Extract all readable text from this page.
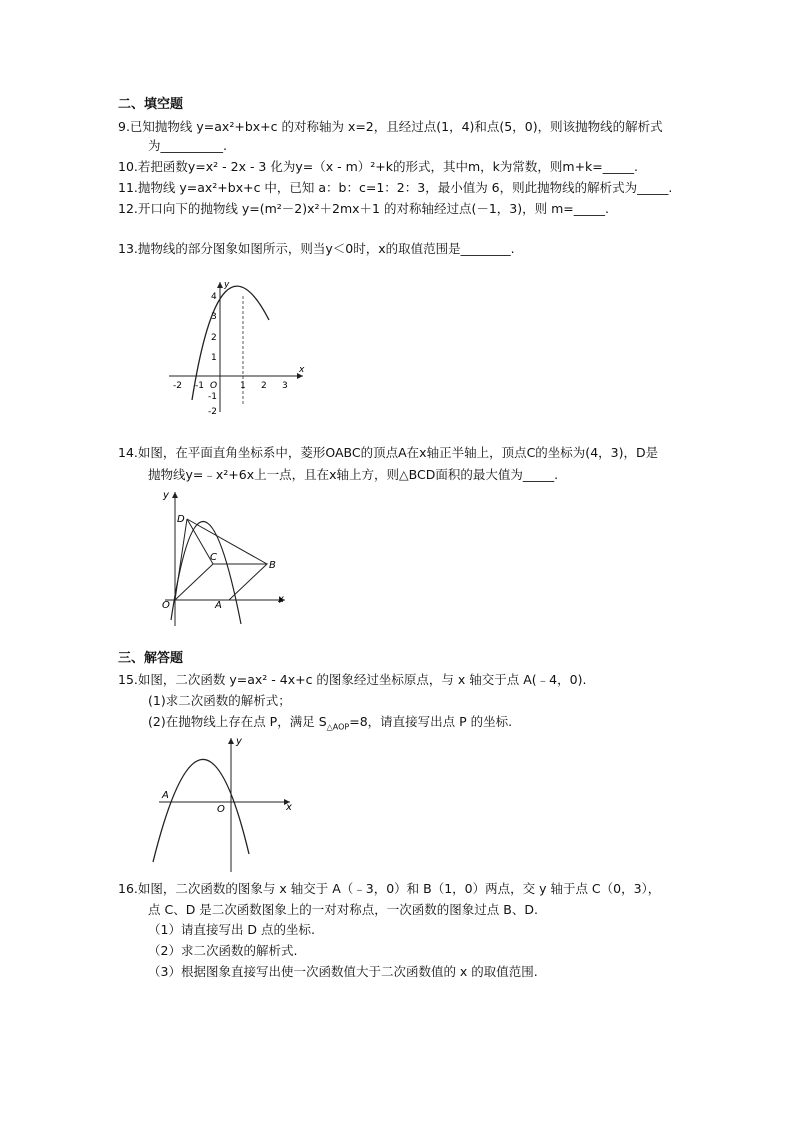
二、填空题
9.已知抛物线 y=ax²+bx+c 的对称轴为 x=2，且经过点(1，4)和点(5，0)，则该抛物线的解析式
为__________.
10.若把函数y=x² - 2x - 3 化为y=（x - m）²+k的形式，其中m，k为常数，则m+k=_____.
11.抛物线 y=ax²+bx+c 中，已知 a：b：c=1：2：3，最小值为 6，则此抛物线的解析式为_____.
12.开口向下的抛物线 y=(m²－2)x²＋2mx＋1 的对称轴经过点(－1，3)，则 m=_____.
13.抛物线的部分图象如图所示，则当y＜0时，x的取值范围是________.
x
y
-2 -1	1 2 3
4
3
2
1
-1
-2
O
14.如图，在平面直角坐标系中，菱形OABC的顶点A在x轴正半轴上，顶点C的坐标为(4，3)，D是
抛物线y=﹣x²+6x上一点，且在x轴上方，则△BCD面积的最大值为_____.
y
x
D
C
B
O	A
三、解答题
15.如图，二次函数 y=ax² - 4x+c 的图象经过坐标原点，与 x 轴交于点 A(﹣4，0).
(1)求二次函数的解析式；
(2)在抛物线上存在点 P，满足 $S_{\triangle AOP}=8$，请直接写出点 P 的坐标.
y
x
A
O
16.如图，二次函数的图象与 x 轴交于 A（﹣3，0）和 B（1，0）两点，交 y 轴于点 C（0，3），
点 C、D 是二次函数图象上的一对对称点，一次函数的图象过点 B、D.
（1）请直接写出 D 点的坐标.
（2）求二次函数的解析式.
（3）根据图象直接写出使一次函数值大于二次函数值的 x 的取值范围.
